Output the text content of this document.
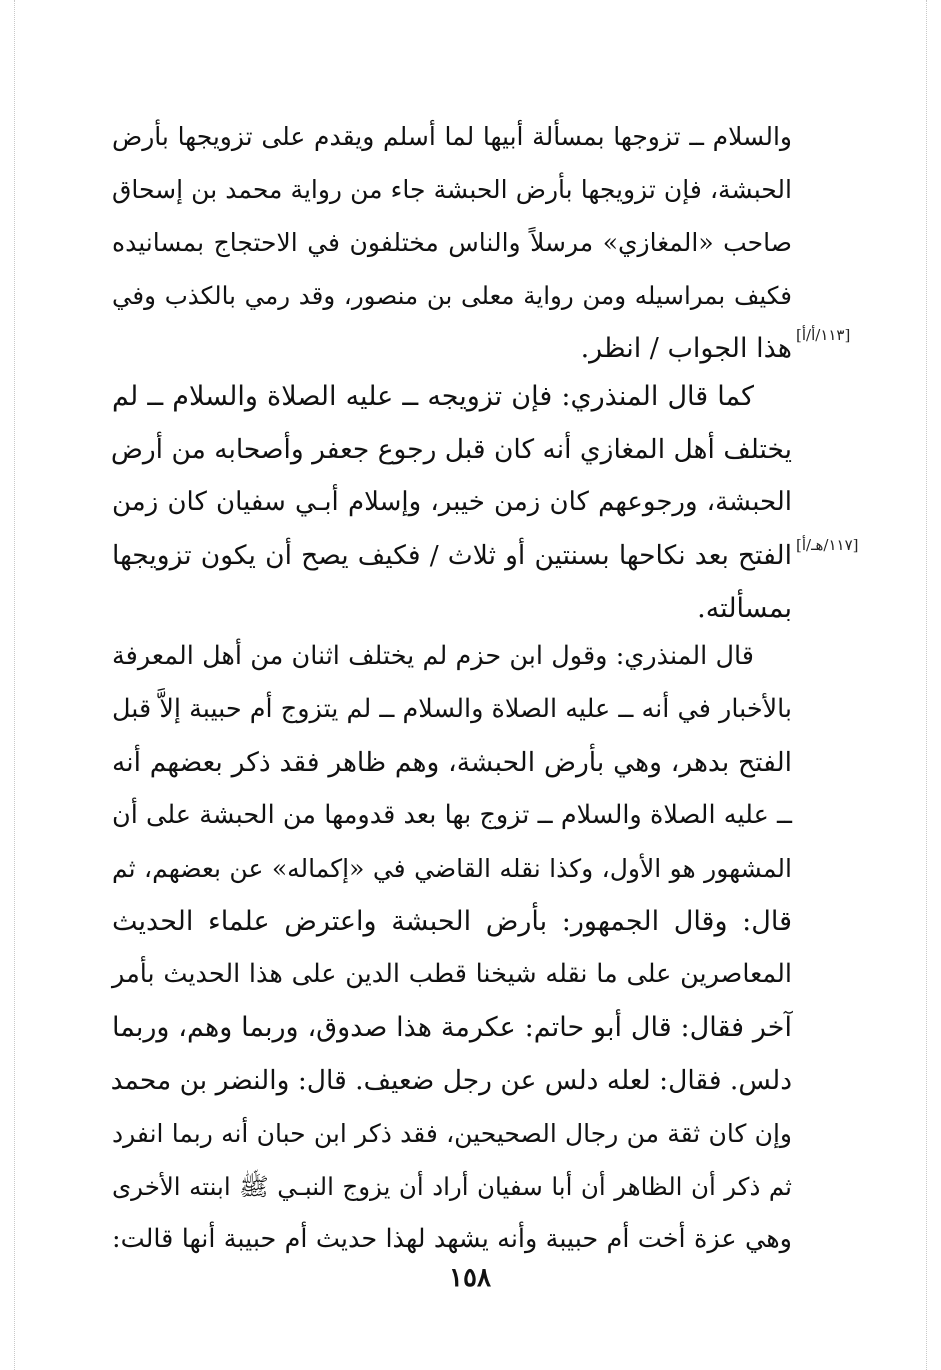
والسلام ــ تزوجها بمسألة أبيها لما أسلم ويقدم على تزويجها بأرض
الحبشة، فإن تزويجها بأرض الحبشة جاء من رواية محمد بن إسحاق
صاحب «المغازي» مرسلاً والناس مختلفون في الاحتجاج بمسانيده
فكيف بمراسيله ومن رواية معلى بن منصور، وقد رمي بالكذب وفي
هذا الجواب / انظر. [١١٣/أ/أ]
كما قال المنذري: فإن تزويجه ــ عليه الصلاة والسلام ــ لم
يختلف أهل المغازي أنه كان قبل رجوع جعفر وأصحابه من أرض
الحبشة، ورجوعهم كان زمن خيبر، وإسلام أبـي سفيان كان زمن
الفتح بعد نكاحها بسنتين أو ثلاث / فكيف يصح أن يكون تزويجها
بمسألته.
[١١٧/هـ/أ]
قال المنذري: وقول ابن حزم لم يختلف اثنان من أهل المعرفة
بالأخبار في أنه ــ عليه الصلاة والسلام ــ لم يتزوج أم حبيبة إلاَّ قبل
الفتح بدهر، وهي بأرض الحبشة، وهم ظاهر فقد ذكر بعضهم أنه
ــ عليه الصلاة والسلام ــ تزوج بها بعد قدومها من الحبشة على أن
المشهور هو الأول، وكذا نقله القاضي في «إكماله» عن بعضهم، ثم
قال: وقال الجمهور: بأرض الحبشة واعترض علماء الحديث
المعاصرين على ما نقله شيخنا قطب الدين على هذا الحديث بأمر
آخر فقال: قال أبو حاتم: عكرمة هذا صدوق، وربما وهم، وربما
دلس. فقال: لعله دلس عن رجل ضعيف. قال: والنضر بن محمد
وإن كان ثقة من رجال الصحيحين، فقد ذكر ابن حبان أنه ربما انفرد
ثم ذكر أن الظاهر أن أبا سفيان أراد أن يزوج النبـي ﷺ ابنته الأخرى
وهي عزة أخت أم حبيبة وأنه يشهد لهذا حديث أم حبيبة أنها قالت:
١٥٨
